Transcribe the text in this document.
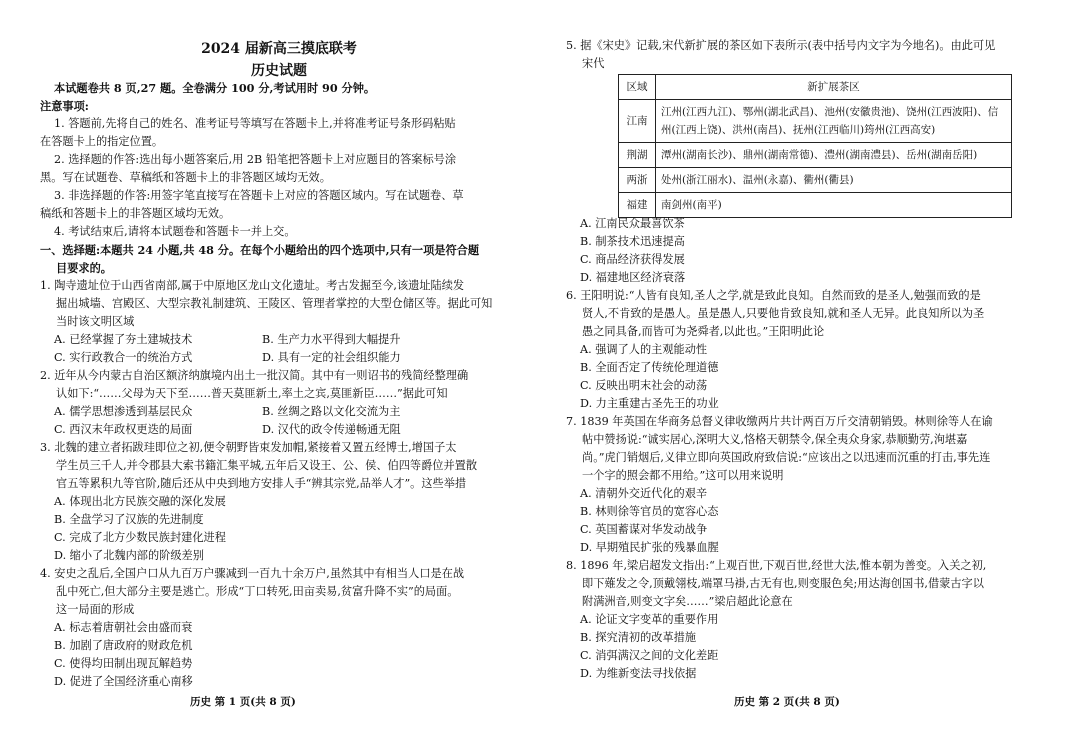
2024 届新高三摸底联考
历史试题
本试题卷共 8 页,27 题。全卷满分 100 分,考试用时 90 分钟。
注意事项:
1. 答题前,先将自己的姓名、准考证号等填写在答题卡上,并将准考证号条形码粘贴
在答题卡上的指定位置。
2. 选择题的作答:选出每小题答案后,用 2B 铅笔把答题卡上对应题目的答案标号涂
黑。写在试题卷、草稿纸和答题卡上的非答题区域均无效。
3. 非选择题的作答:用签字笔直接写在答题卡上对应的答题区域内。写在试题卷、草
稿纸和答题卡上的非答题区域均无效。
4. 考试结束后,请将本试题卷和答题卡一并上交。
一、选择题:本题共 24 小题,共 48 分。在每个小题给出的四个选项中,只有一项是符合题
目要求的。
1. 陶寺遗址位于山西省南部,属于中原地区龙山文化遗址。考古发掘至今,该遗址陆续发
掘出城墙、宫殿区、大型宗教礼制建筑、王陵区、管理者掌控的大型仓储区等。据此可知
当时该文明区域
A. 已经掌握了夯土建城技术	B. 生产力水平得到大幅提升
C. 实行政教合一的统治方式	D. 具有一定的社会组织能力
2. 近年从今内蒙古自治区额济纳旗境内出土一批汉简。其中有一则诏书的残简经整理确
认如下:“……父母为天下至……普天莫匪新土,率土之宾,莫匪新臣……”据此可知
A. 儒学思想渗透到基层民众	B. 丝绸之路以文化交流为主
C. 西汉末年政权更迭的局面	D. 汉代的政令传递畅通无阻
3. 北魏的建立者拓跋珪即位之初,便令朝野皆束发加帽,紧接着又置五经博士,增国子太
学生员三千人,并令郡县大索书籍汇集平城,五年后又设王、公、侯、伯四等爵位并置散
官五等累积九等官阶,随后还从中央到地方安排人手“辨其宗党,品举人才”。这些举措
A. 体现出北方民族交融的深化发展
B. 全盘学习了汉族的先进制度
C. 完成了北方少数民族封建化进程
D. 缩小了北魏内部的阶级差别
4. 安史之乱后,全国户口从九百万户骤减到一百九十余万户,虽然其中有相当人口是在战
乱中死亡,但大部分主要是逃亡。形成“丁口转死,田亩卖易,贫富升降不实”的局面。
这一局面的形成
A. 标志着唐朝社会由盛而衰
B. 加剧了唐政府的财政危机
C. 使得均田制出现瓦解趋势
D. 促进了全国经济重心南移
历史 第 1 页(共 8 页)
5. 据《宋史》记载,宋代新扩展的茶区如下表所示(表中括号内文字为今地名)。由此可见
宋代
区域	新扩展茶区
江南	江州(江西九江)、鄂州(湖北武昌)、池州(安徽贵池)、饶州(江西波阳)、信
州(江西上饶)、洪州(南昌)、抚州(江西临川)筠州(江西高安)

荆湖	潭州(湖南长沙)、鼎州(湖南常德)、澧州(湖南澧县)、岳州(湖南岳阳)
两浙	处州(浙江丽水)、温州(永嘉)、衢州(衢县)
福建	南剑州(南平)
A. 江南民众最喜饮茶
B. 制茶技术迅速提高
C. 商品经济获得发展
D. 福建地区经济衰落
6. 王阳明说:“人皆有良知,圣人之学,就是致此良知。自然而致的是圣人,勉强而致的是
贤人,不肯致的是愚人。虽是愚人,只要他肯致良知,就和圣人无异。此良知所以为圣
愚之同具备,而皆可为尧舜者,以此也。”王阳明此论
A. 强调了人的主观能动性
B. 全面否定了传统伦理道德
C. 反映出明末社会的动荡
D. 力主重建古圣先王的功业
7. 1839 年英国在华商务总督义律收缴两片共计两百万斤交清朝销毁。林则徐等人在谕
帖中赞扬说:“诚实居心,深明大义,恪格天朝禁令,保全夷众身家,恭顺勤劳,洵堪嘉
尚。”虎门销烟后,义律立即向英国政府致信说:“应该出之以迅速而沉重的打击,事先连
一个字的照会都不用给。”这可以用来说明
A. 清朝外交近代化的艰辛
B. 林则徐等官员的宽容心态
C. 英国蓄谋对华发动战争
D. 早期殖民扩张的残暴血腥
8. 1896 年,梁启超发文指出:“上观百世,下观百世,经世大法,惟本朝为善变。入关之初,
即下薙发之令,顶戴翎枝,端罩马褂,古无有也,则变服色矣;用达海创国书,借蒙古字以
附满洲音,则变文字矣……”梁启超此论意在
A. 论证文字变革的重要作用
B. 探究清初的改革措施
C. 消弭满汉之间的文化差距
D. 为维新变法寻找依据
历史 第 2 页(共 8 页)
